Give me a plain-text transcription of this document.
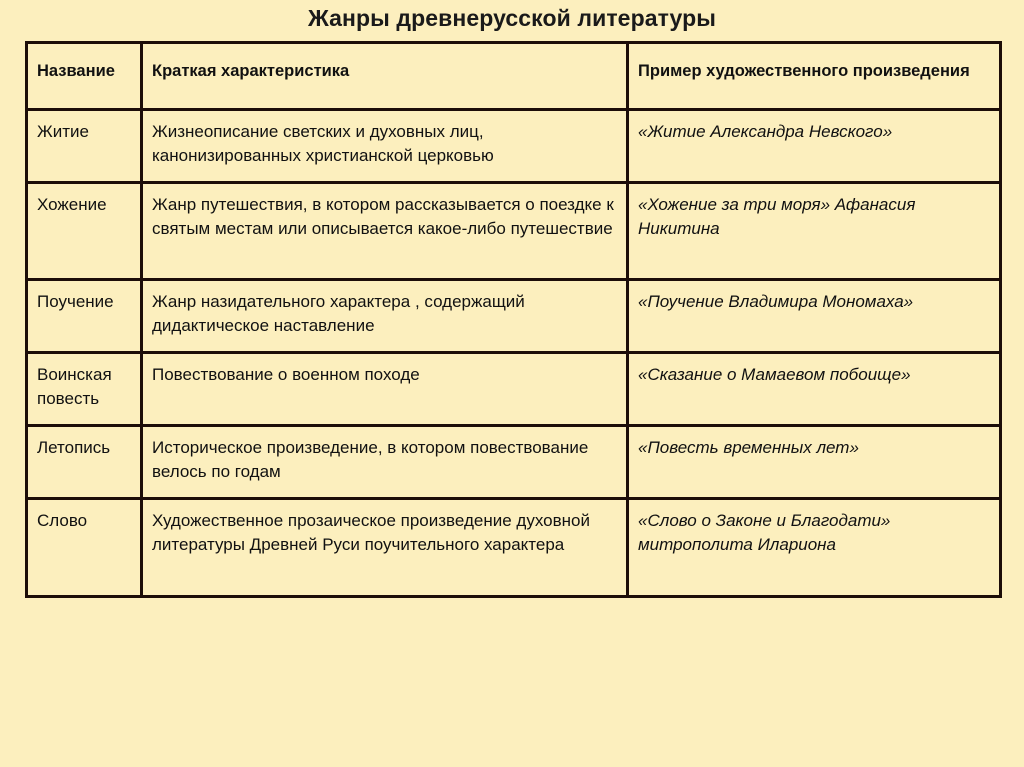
Жанры древнерусской литературы
Название	Краткая характеристика	Пример художественного произведения
Житие	Жизнеописание светских и духовных лиц, канонизированных христианской церковью	«Житие Александра Невского»
Хожение	Жанр путешествия, в котором рассказывается о поездке к святым местам или описывается какое-либо путешествие	«Хожение за три моря» Афанасия Никитина
Поучение	Жанр назидательного характера , содержащий дидактическое наставление	«Поучение Владимира Мономаха»
Воинская повесть	Повествование о военном походе	«Сказание о Мамаевом побоище»
Летопись	Историческое произведение, в котором повествование велось по годам	«Повесть временных лет»
Слово	Художественное прозаическое произведение духовной литературы Древней Руси поучительного характера	«Слово о Законе и Благодати» митрополита Илариона
